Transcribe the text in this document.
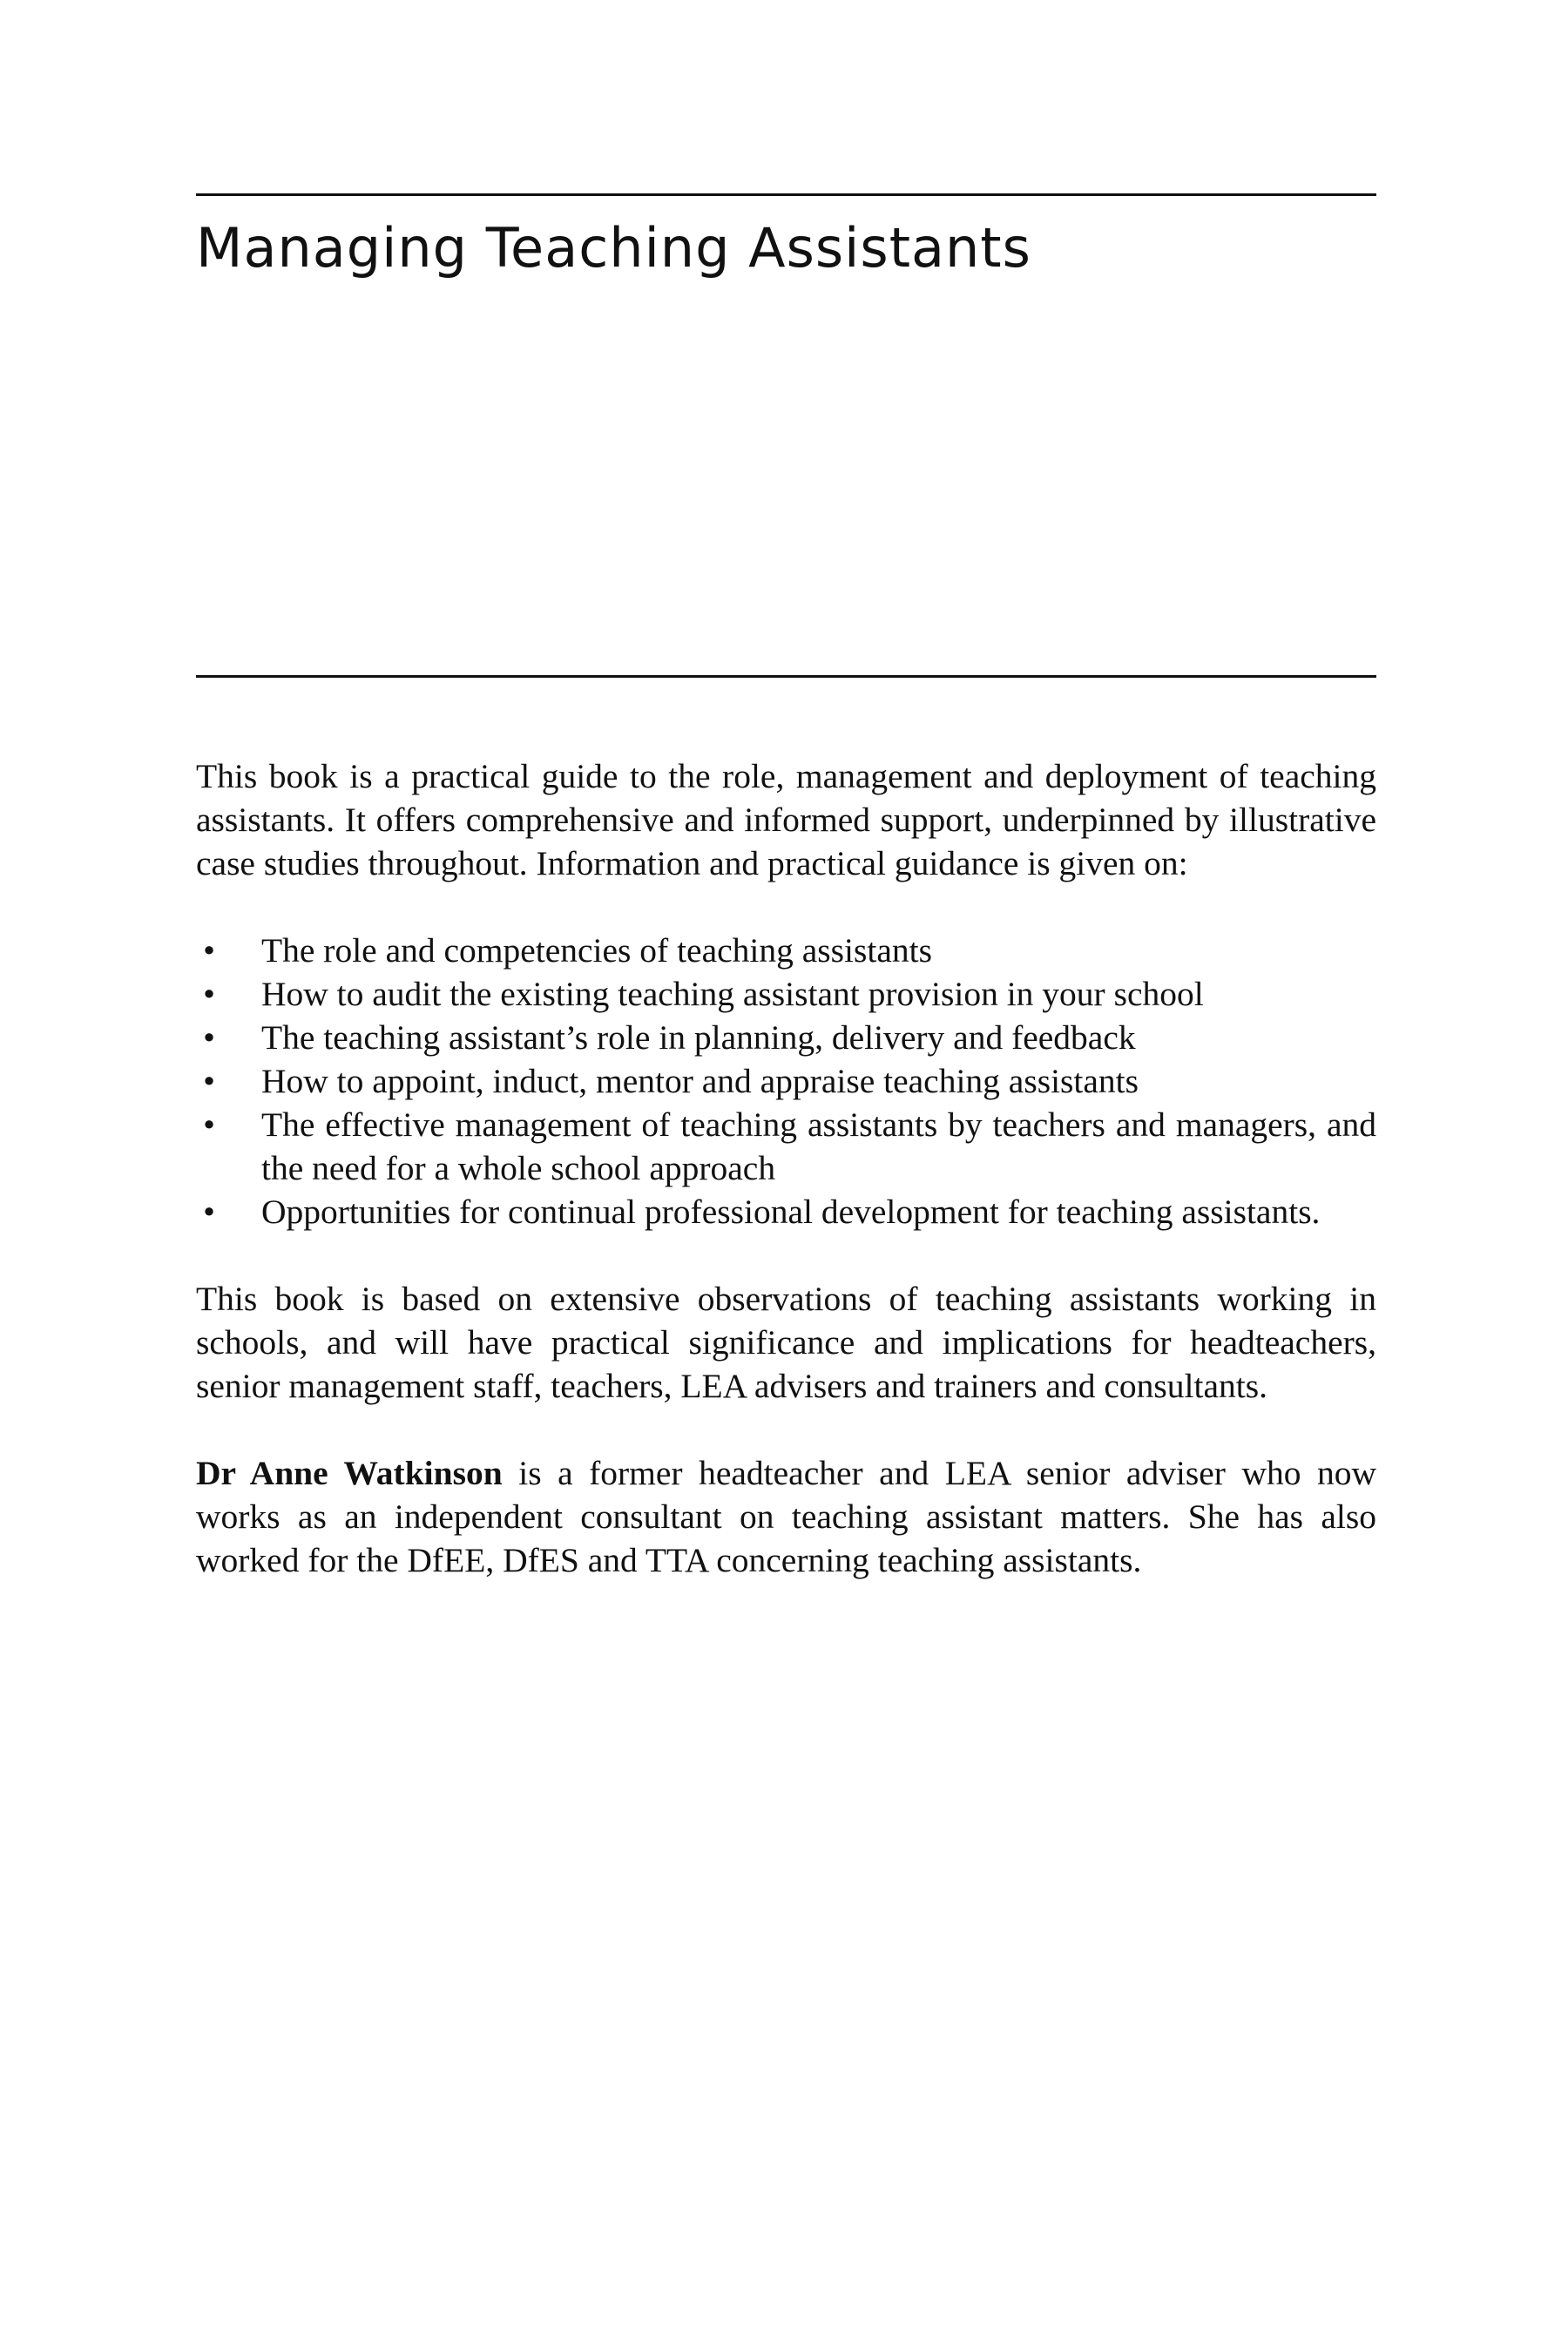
Managing Teaching Assistants

This book is a practical guide to the role, management and deployment of teaching assistants. It offers comprehensive and informed support, underpinned by illustrative case studies throughout. Information and practical guidance is given on:

• The role and competencies of teaching assistants
• How to audit the existing teaching assistant provision in your school
• The teaching assistant’s role in planning, delivery and feedback
• How to appoint, induct, mentor and appraise teaching assistants
• The effective management of teaching assistants by teachers and managers, and the need for a whole school approach
• Opportunities for continual professional development for teaching assistants.

This book is based on extensive observations of teaching assistants working in schools, and will have practical significance and implications for headteachers, senior management staff, teachers, LEA advisers and trainers and consultants.

Dr Anne Watkinson is a former headteacher and LEA senior adviser who now works as an independent consultant on teaching assistant matters. She has also worked for the DfEE, DfES and TTA concerning teaching assistants.
